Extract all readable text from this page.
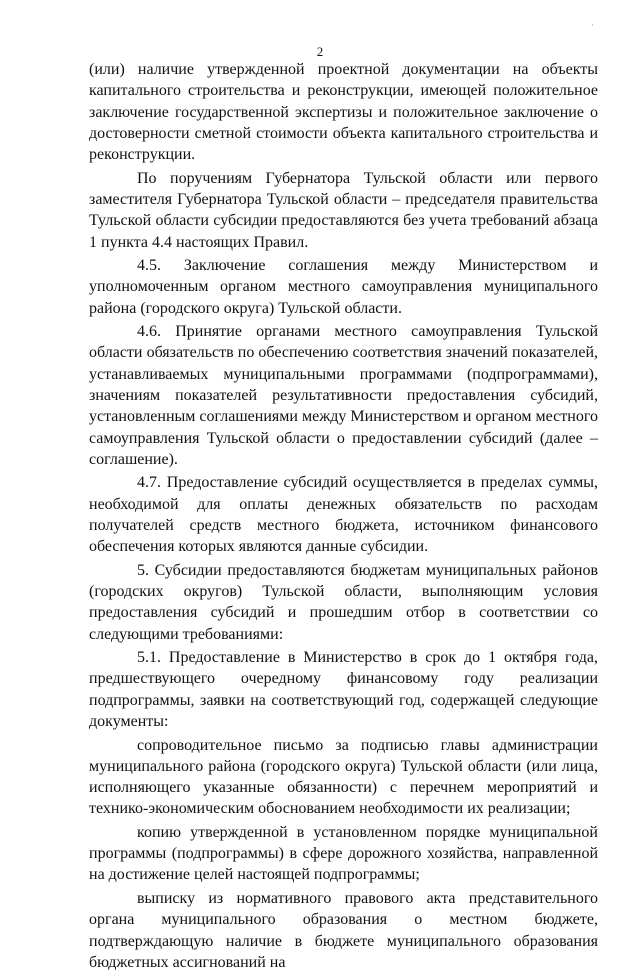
2
·

(или) наличие утвержденной проектной документации на объекты капитального строительства и реконструкции, имеющей положительное заключение государственной экспертизы и положительное заключение о достоверности сметной стоимости объекта капитального строительства и реконструкции.

По поручениям Губернатора Тульской области или первого заместителя Губернатора Тульской области – председателя правительства Тульской области субсидии предоставляются без учета требований абзаца 1 пункта 4.4 настоящих Правил.

4.5. Заключение соглашения между Министерством и уполномоченным органом местного самоуправления муниципального района (городского округа) Тульской области.

4.6. Принятие органами местного самоуправления Тульской области обязательств по обеспечению соответствия значений показателей, устанавливаемых муниципальными программами (подпрограммами), значениям показателей результативности предоставления субсидий, установленным соглашениями между Министерством и органом местного самоуправления Тульской области о предоставлении субсидий (далее – соглашение).

4.7. Предоставление субсидий осуществляется в пределах суммы, необходимой для оплаты денежных обязательств по расходам получателей средств местного бюджета, источником финансового обеспечения которых являются данные субсидии.

5. Субсидии предоставляются бюджетам муниципальных районов (городских округов) Тульской области, выполняющим условия предоставления субсидий и прошедшим отбор в соответствии со следующими требованиями:

5.1. Предоставление в Министерство в срок до 1 октября года, предшествующего очередному финансовому году реализации подпрограммы, заявки на соответствующий год, содержащей следующие документы:

сопроводительное письмо за подписью главы администрации муниципального района (городского округа) Тульской области (или лица, исполняющего указанные обязанности) с перечнем мероприятий и технико-экономическим обоснованием необходимости их реализации;

копию утвержденной в установленном порядке муниципальной программы (подпрограммы) в сфере дорожного хозяйства, направленной на достижение целей настоящей подпрограммы;

выписку из нормативного правового акта представительного органа муниципального образования о местном бюджете, подтверждающую наличие в бюджете муниципального образования бюджетных ассигнований на
